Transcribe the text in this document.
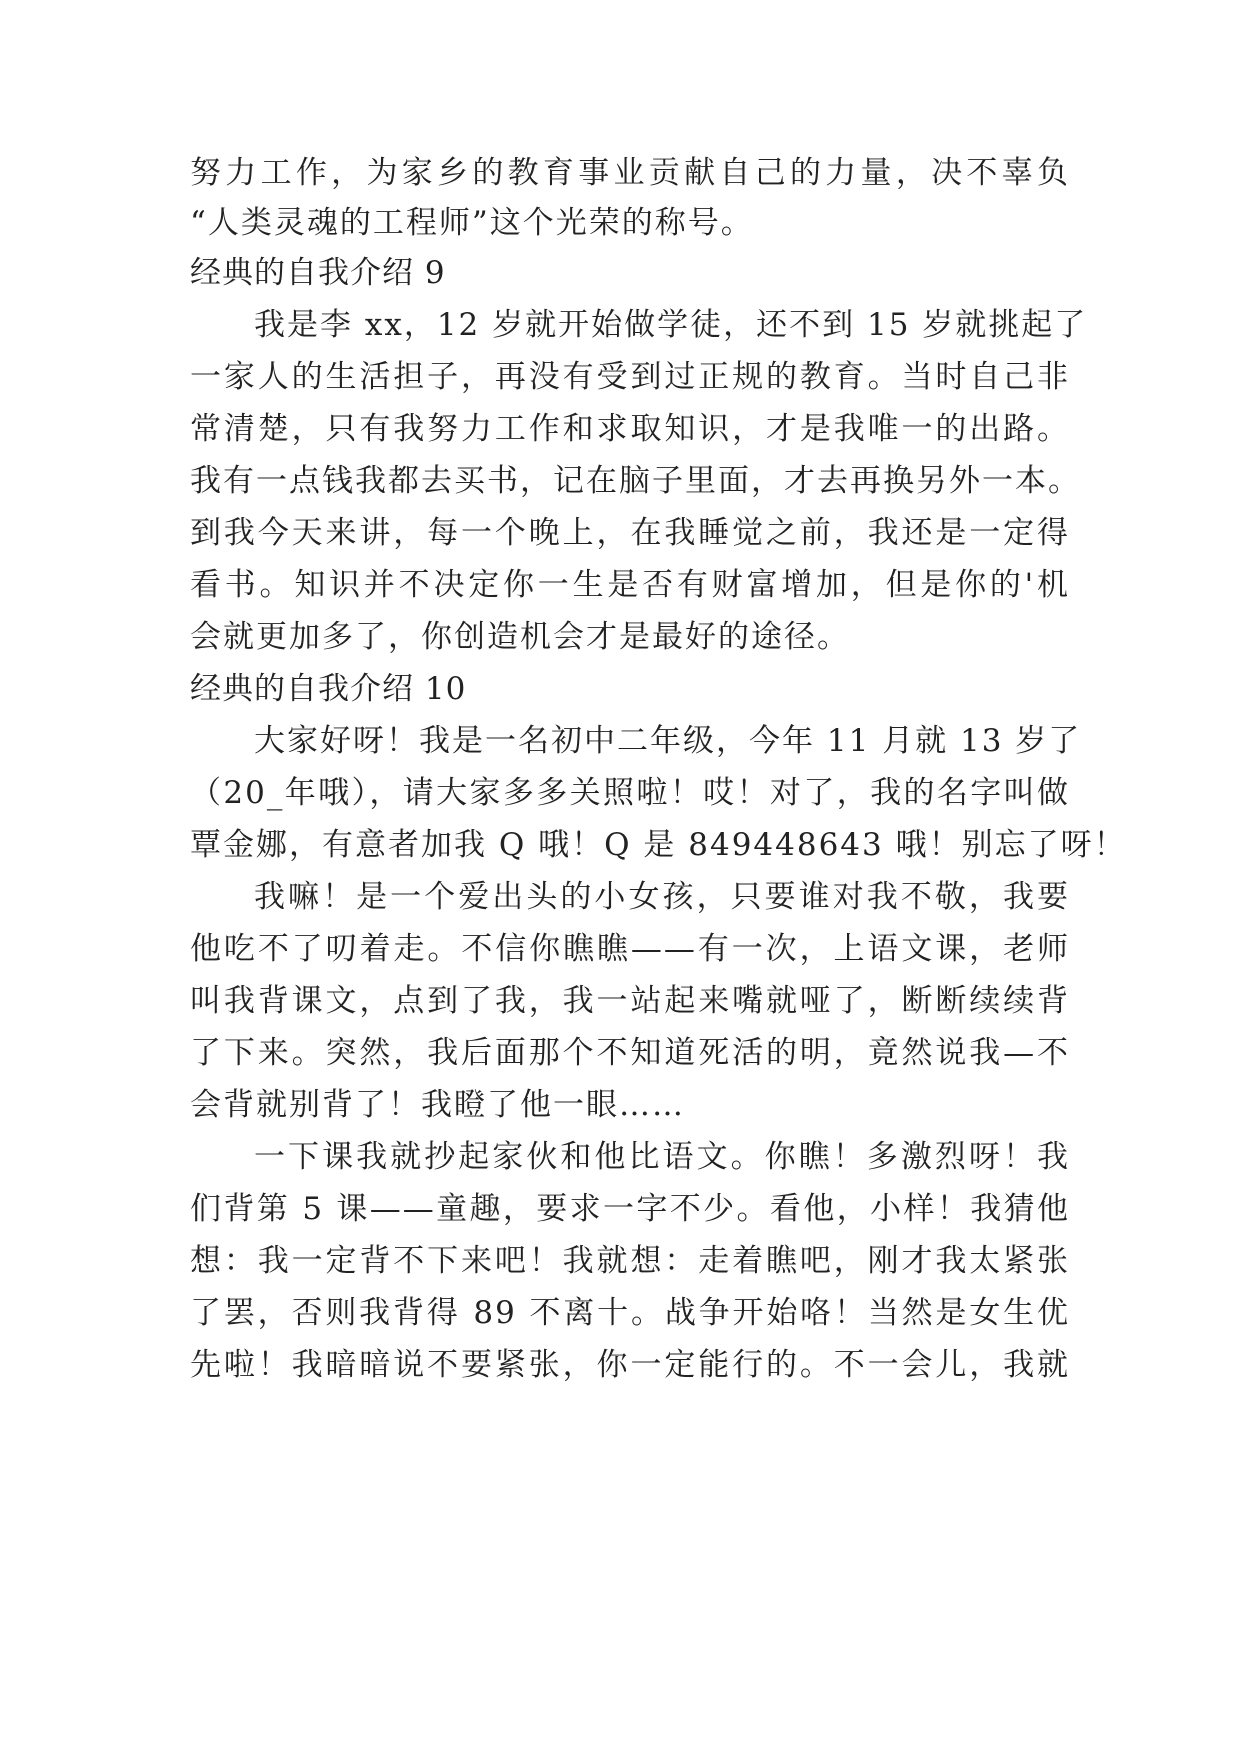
努力工作，为家乡的教育事业贡献自己的力量，决不辜负
“人类灵魂的工程师”这个光荣的称号。
经典的自我介绍 9
我是李 xx，12 岁就开始做学徒，还不到 15 岁就挑起了
一家人的生活担子，再没有受到过正规的教育。当时自己非
常清楚，只有我努力工作和求取知识，才是我唯一的出路。
我有一点钱我都去买书，记在脑子里面，才去再换另外一本。
到我今天来讲，每一个晚上，在我睡觉之前，我还是一定得
看书。知识并不决定你一生是否有财富增加，但是你的'机
会就更加多了，你创造机会才是最好的途径。
经典的自我介绍 10
大家好呀！我是一名初中二年级，今年 11 月就 13 岁了
（20_年哦），请大家多多关照啦！哎！对了，我的名字叫做
覃金娜，有意者加我 Q 哦！Q 是 849448643 哦！别忘了呀！
我嘛！是一个爱出头的小女孩，只要谁对我不敬，我要
他吃不了叨着走。不信你瞧瞧——有一次，上语文课，老师
叫我背课文，点到了我，我一站起来嘴就哑了，断断续续背
了下来。突然，我后面那个不知道死活的明，竟然说我—不
会背就别背了！我瞪了他一眼……
一下课我就抄起家伙和他比语文。你瞧！多激烈呀！我
们背第 5 课——童趣，要求一字不少。看他，小样！我猜他
想：我一定背不下来吧！我就想：走着瞧吧，刚才我太紧张
了罢，否则我背得 89 不离十。战争开始咯！当然是女生优
先啦！我暗暗说不要紧张，你一定能行的。不一会儿，我就
